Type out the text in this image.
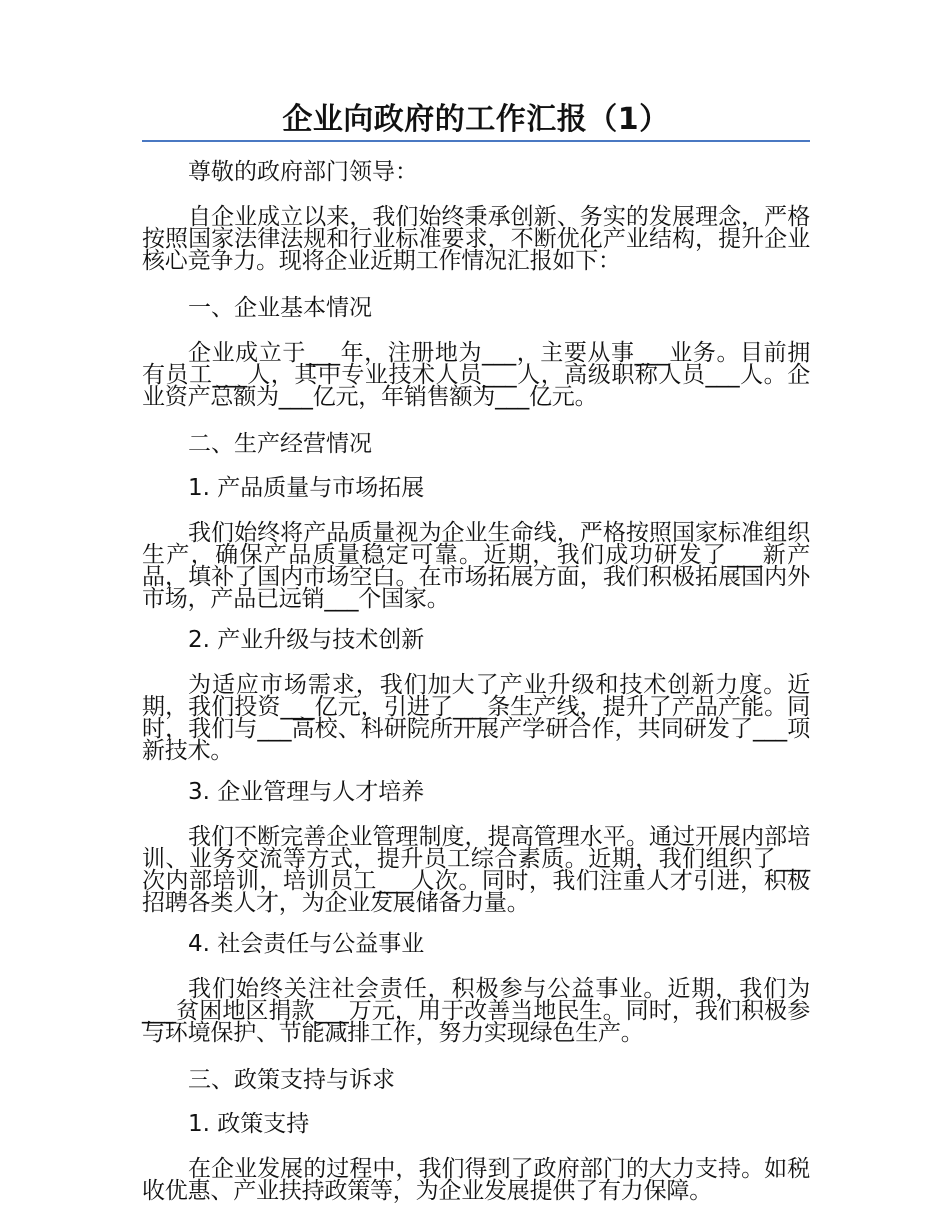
企业向政府的工作汇报（1）

尊敬的政府部门领导：

自企业成立以来，我们始终秉承创新、务实的发展理念，严格按照国家法律法规和行业标准要求，不断优化产业结构，提升企业核心竞争力。现将企业近期工作情况汇报如下：

一、企业基本情况

企业成立于___年，注册地为___，主要从事___业务。目前拥有员工___人，其中专业技术人员___人，高级职称人员___人。企业资产总额为___亿元，年销售额为___亿元。

二、生产经营情况

1. 产品质量与市场拓展

我们始终将产品质量视为企业生命线，严格按照国家标准组织生产，确保产品质量稳定可靠。近期，我们成功研发了___新产品，填补了国内市场空白。在市场拓展方面，我们积极拓展国内外市场，产品已远销___个国家。

2. 产业升级与技术创新

为适应市场需求，我们加大了产业升级和技术创新力度。近期，我们投资___亿元，引进了___条生产线，提升了产品产能。同时，我们与___高校、科研院所开展产学研合作，共同研发了___项新技术。

3. 企业管理与人才培养

我们不断完善企业管理制度，提高管理水平。通过开展内部培训、业务交流等方式，提升员工综合素质。近期，我们组织了___次内部培训，培训员工___人次。同时，我们注重人才引进，积极招聘各类人才，为企业发展储备力量。

4. 社会责任与公益事业

我们始终关注社会责任，积极参与公益事业。近期，我们为___贫困地区捐款___万元，用于改善当地民生。同时，我们积极参与环境保护、节能减排工作，努力实现绿色生产。

三、政策支持与诉求

1. 政策支持

在企业发展的过程中，我们得到了政府部门的大力支持。如税收优惠、产业扶持政策等，为企业发展提供了有力保障。
